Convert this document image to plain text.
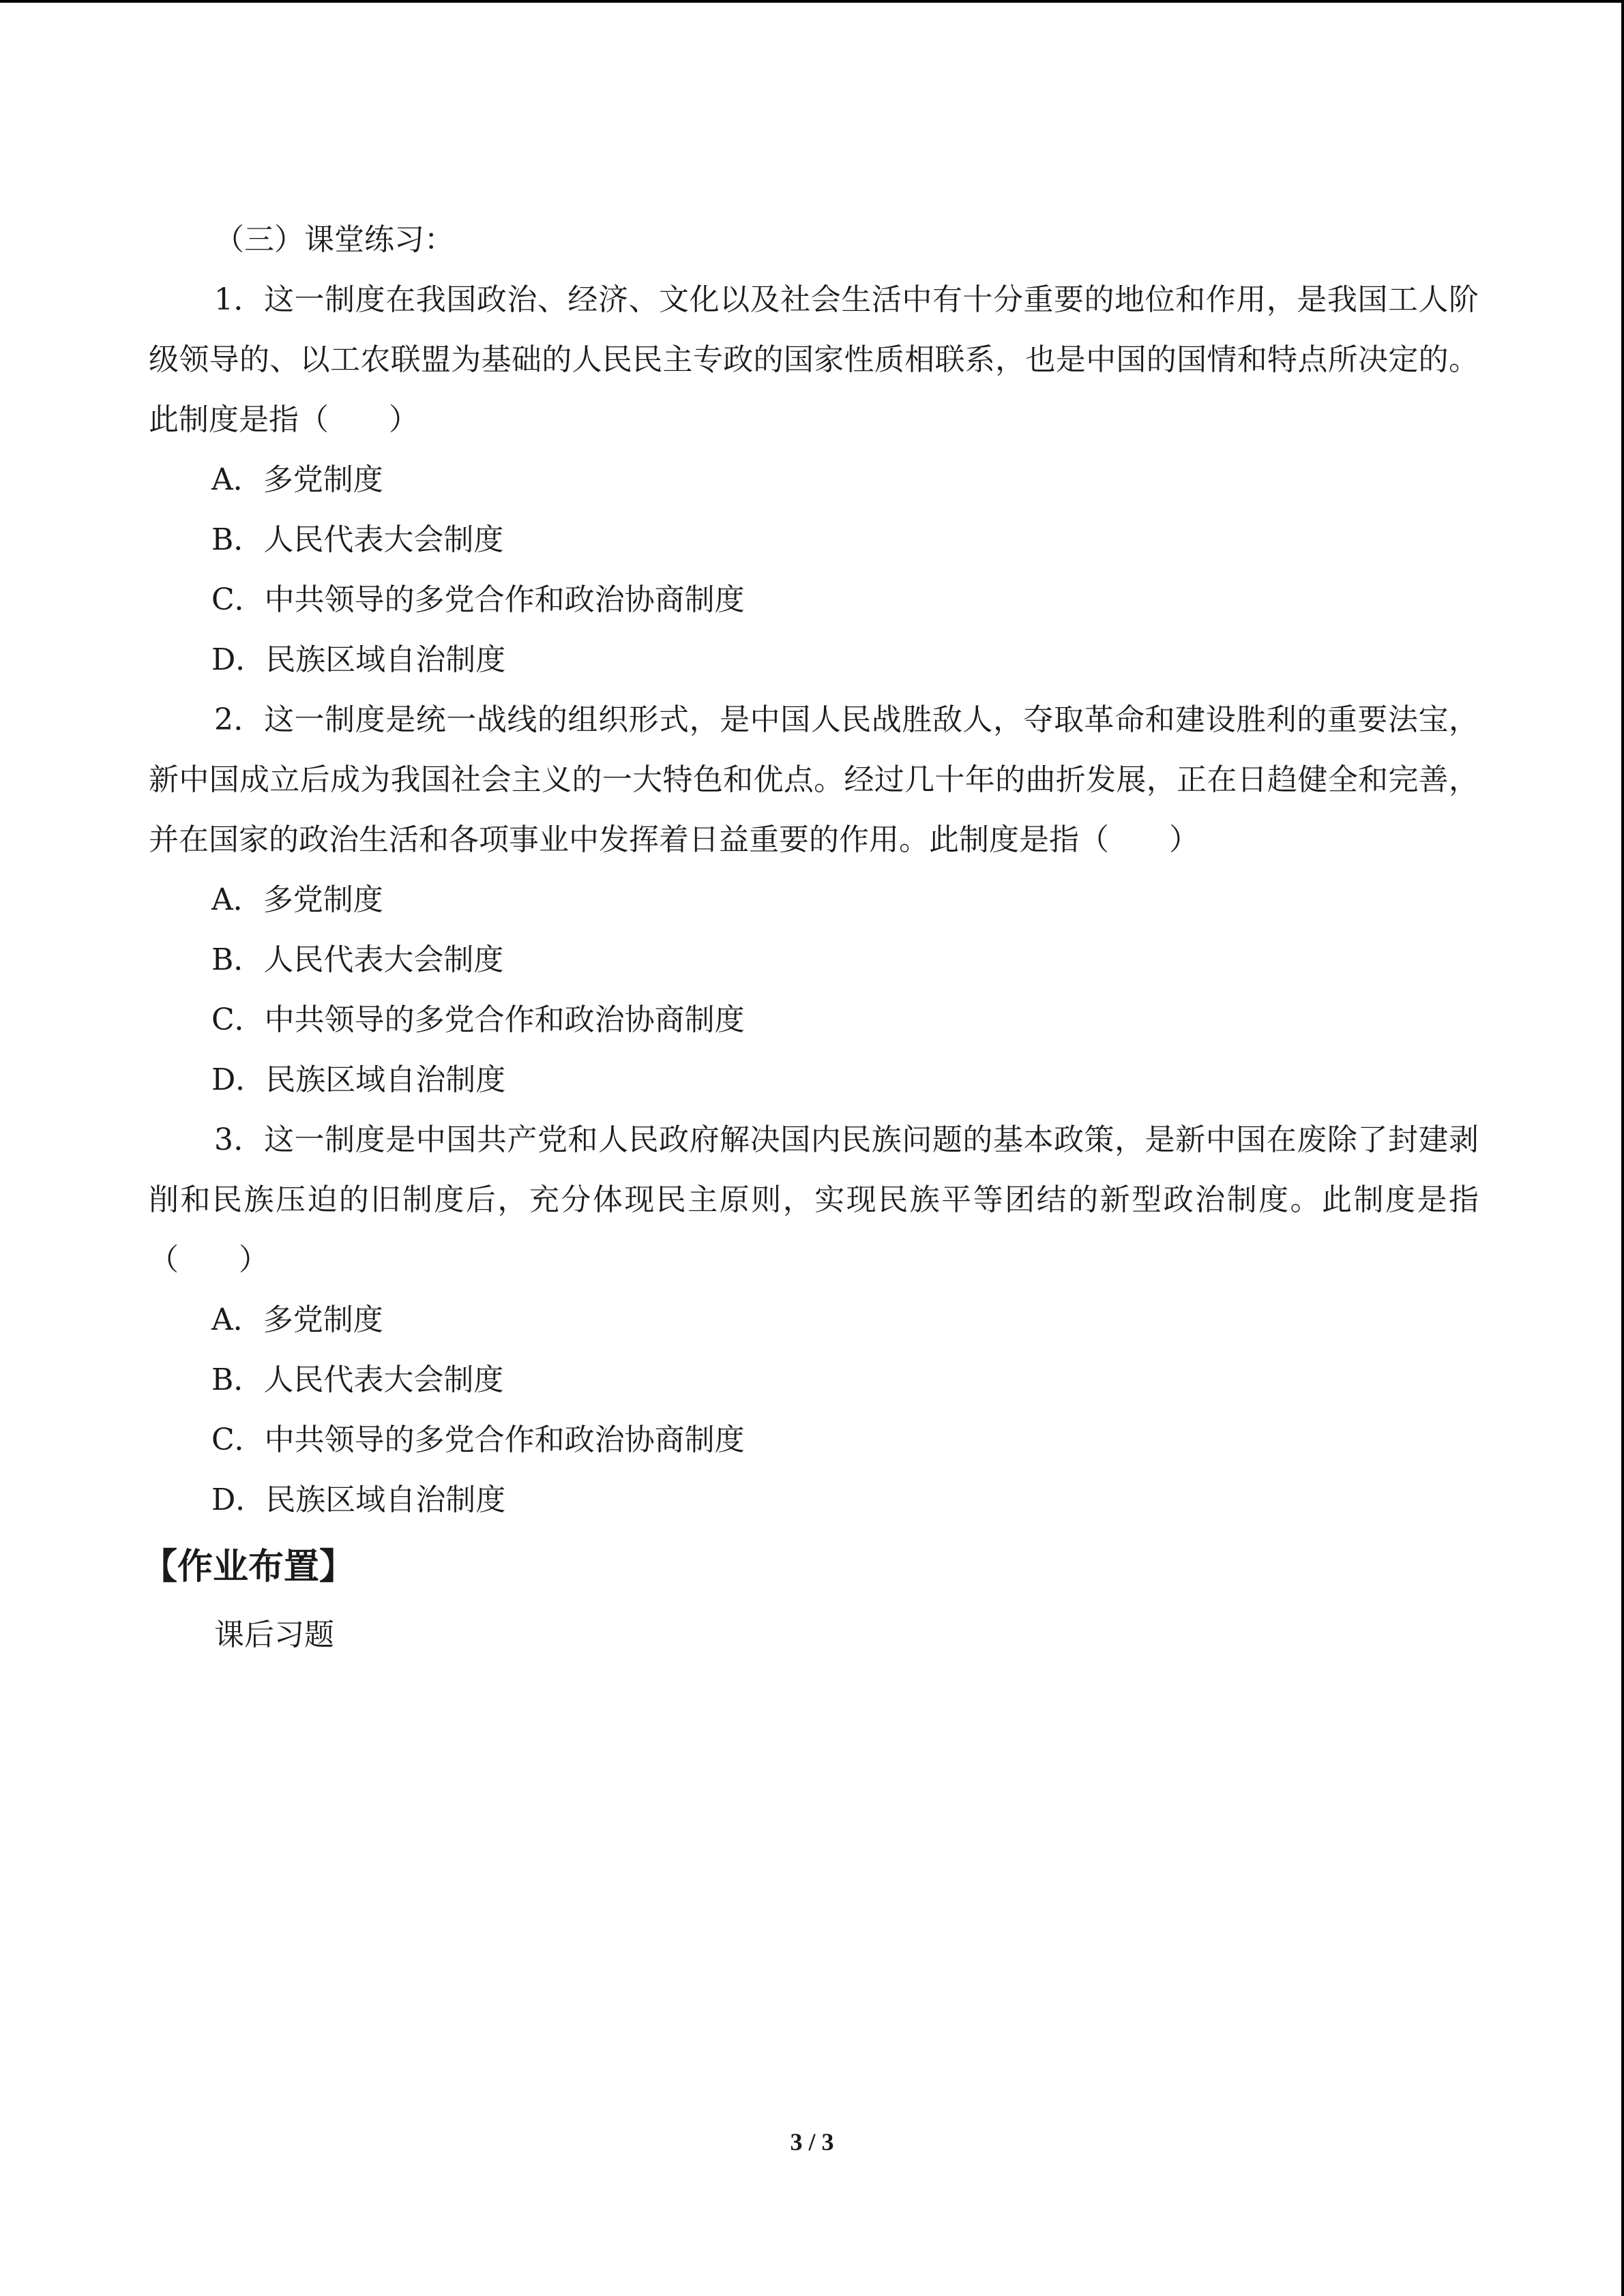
（三）课堂练习：

1．这一制度在我国政治、经济、文化以及社会生活中有十分重要的地位和作用，是我国工人阶级领导的、以工农联盟为基础的人民民主专政的国家性质相联系，也是中国的国情和特点所决定的。此制度是指（　　）

A．多党制度

B．人民代表大会制度

C．中共领导的多党合作和政治协商制度

D．民族区域自治制度

2．这一制度是统一战线的组织形式，是中国人民战胜敌人，夺取革命和建设胜利的重要法宝，新中国成立后成为我国社会主义的一大特色和优点。经过几十年的曲折发展，正在日趋健全和完善，并在国家的政治生活和各项事业中发挥着日益重要的作用。此制度是指（　　）

A．多党制度

B．人民代表大会制度

C．中共领导的多党合作和政治协商制度

D．民族区域自治制度

3．这一制度是中国共产党和人民政府解决国内民族问题的基本政策，是新中国在废除了封建剥削和民族压迫的旧制度后，充分体现民主原则，实现民族平等团结的新型政治制度。此制度是指（　　）

A．多党制度

B．人民代表大会制度

C．中共领导的多党合作和政治协商制度

D．民族区域自治制度

【作业布置】

课后习题

3 / 3
